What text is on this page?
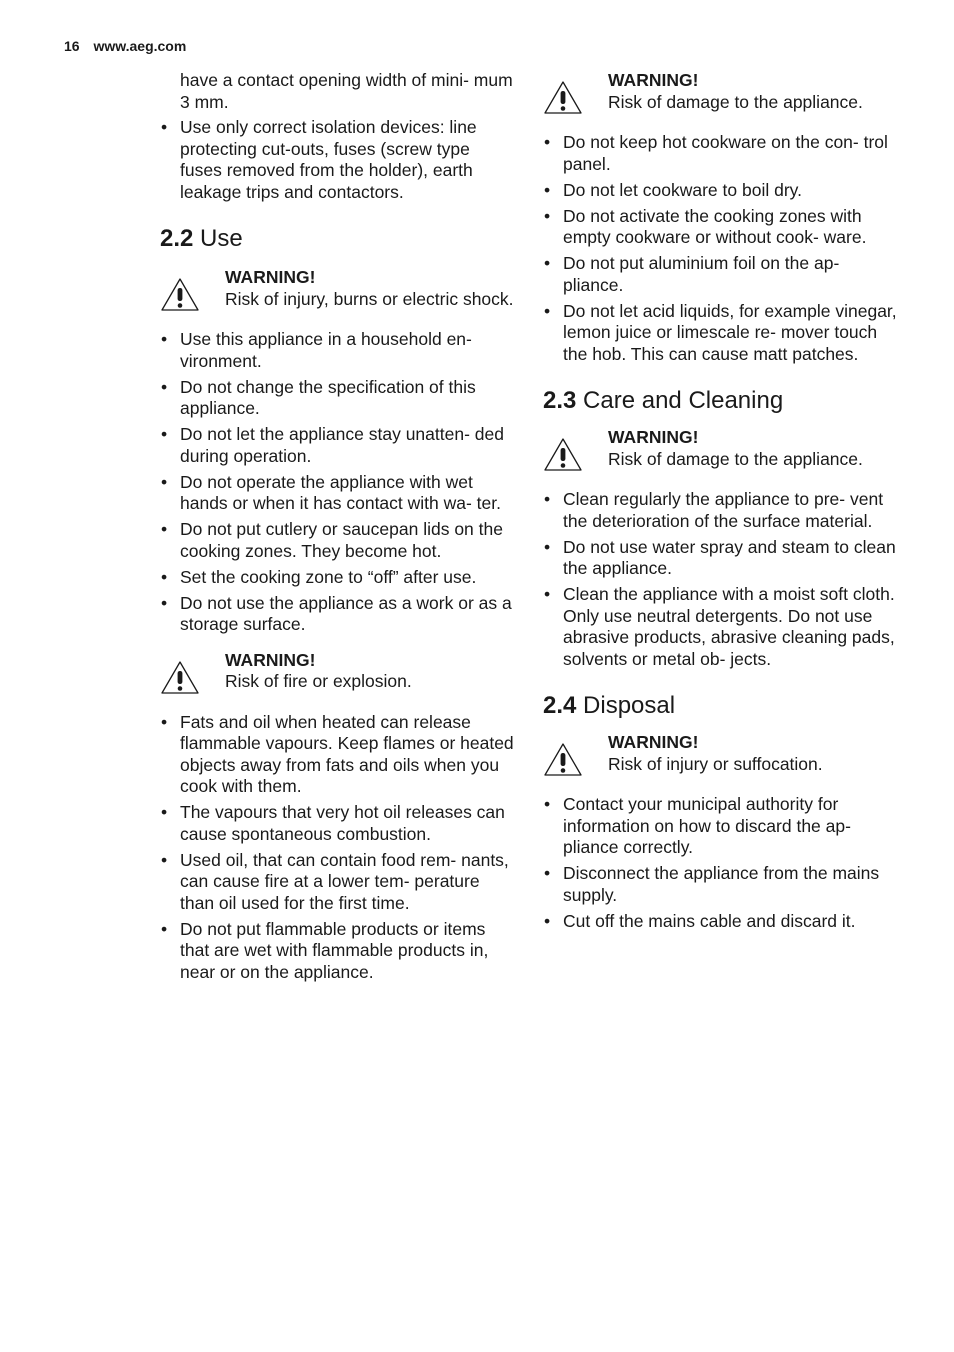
16 www.aeg.com
have a contact opening width of mini- mum 3 mm.
• Use only correct isolation devices: line protecting cut-outs, fuses (screw type fuses removed from the holder), earth leakage trips and contactors.
2.2 Use
WARNING!
Risk of injury, burns or electric shock.
• Use this appliance in a household en- vironment.
• Do not change the specification of this appliance.
• Do not let the appliance stay unatten- ded during operation.
• Do not operate the appliance with wet hands or when it has contact with wa- ter.
• Do not put cutlery or saucepan lids on the cooking zones. They become hot.
• Set the cooking zone to “off” after use.
• Do not use the appliance as a work or as a storage surface.
WARNING!
Risk of fire or explosion.
• Fats and oil when heated can release flammable vapours. Keep flames or heated objects away from fats and oils when you cook with them.
• The vapours that very hot oil releases can cause spontaneous combustion.
• Used oil, that can contain food rem- nants, can cause fire at a lower tem- perature than oil used for the first time.
• Do not put flammable products or items that are wet with flammable products in, near or on the appliance.
WARNING!
Risk of damage to the appliance.
• Do not keep hot cookware on the con- trol panel.
• Do not let cookware to boil dry.
• Do not activate the cooking zones with empty cookware or without cook- ware.
• Do not put aluminium foil on the ap- pliance.
• Do not let acid liquids, for example vinegar, lemon juice or limescale re- mover touch the hob. This can cause matt patches.
2.3 Care and Cleaning
WARNING!
Risk of damage to the appliance.
• Clean regularly the appliance to pre- vent the deterioration of the surface material.
• Do not use water spray and steam to clean the appliance.
• Clean the appliance with a moist soft cloth. Only use neutral detergents. Do not use abrasive products, abrasive cleaning pads, solvents or metal ob- jects.
2.4 Disposal
WARNING!
Risk of injury or suffocation.
• Contact your municipal authority for information on how to discard the ap- pliance correctly.
• Disconnect the appliance from the mains supply.
• Cut off the mains cable and discard it.
